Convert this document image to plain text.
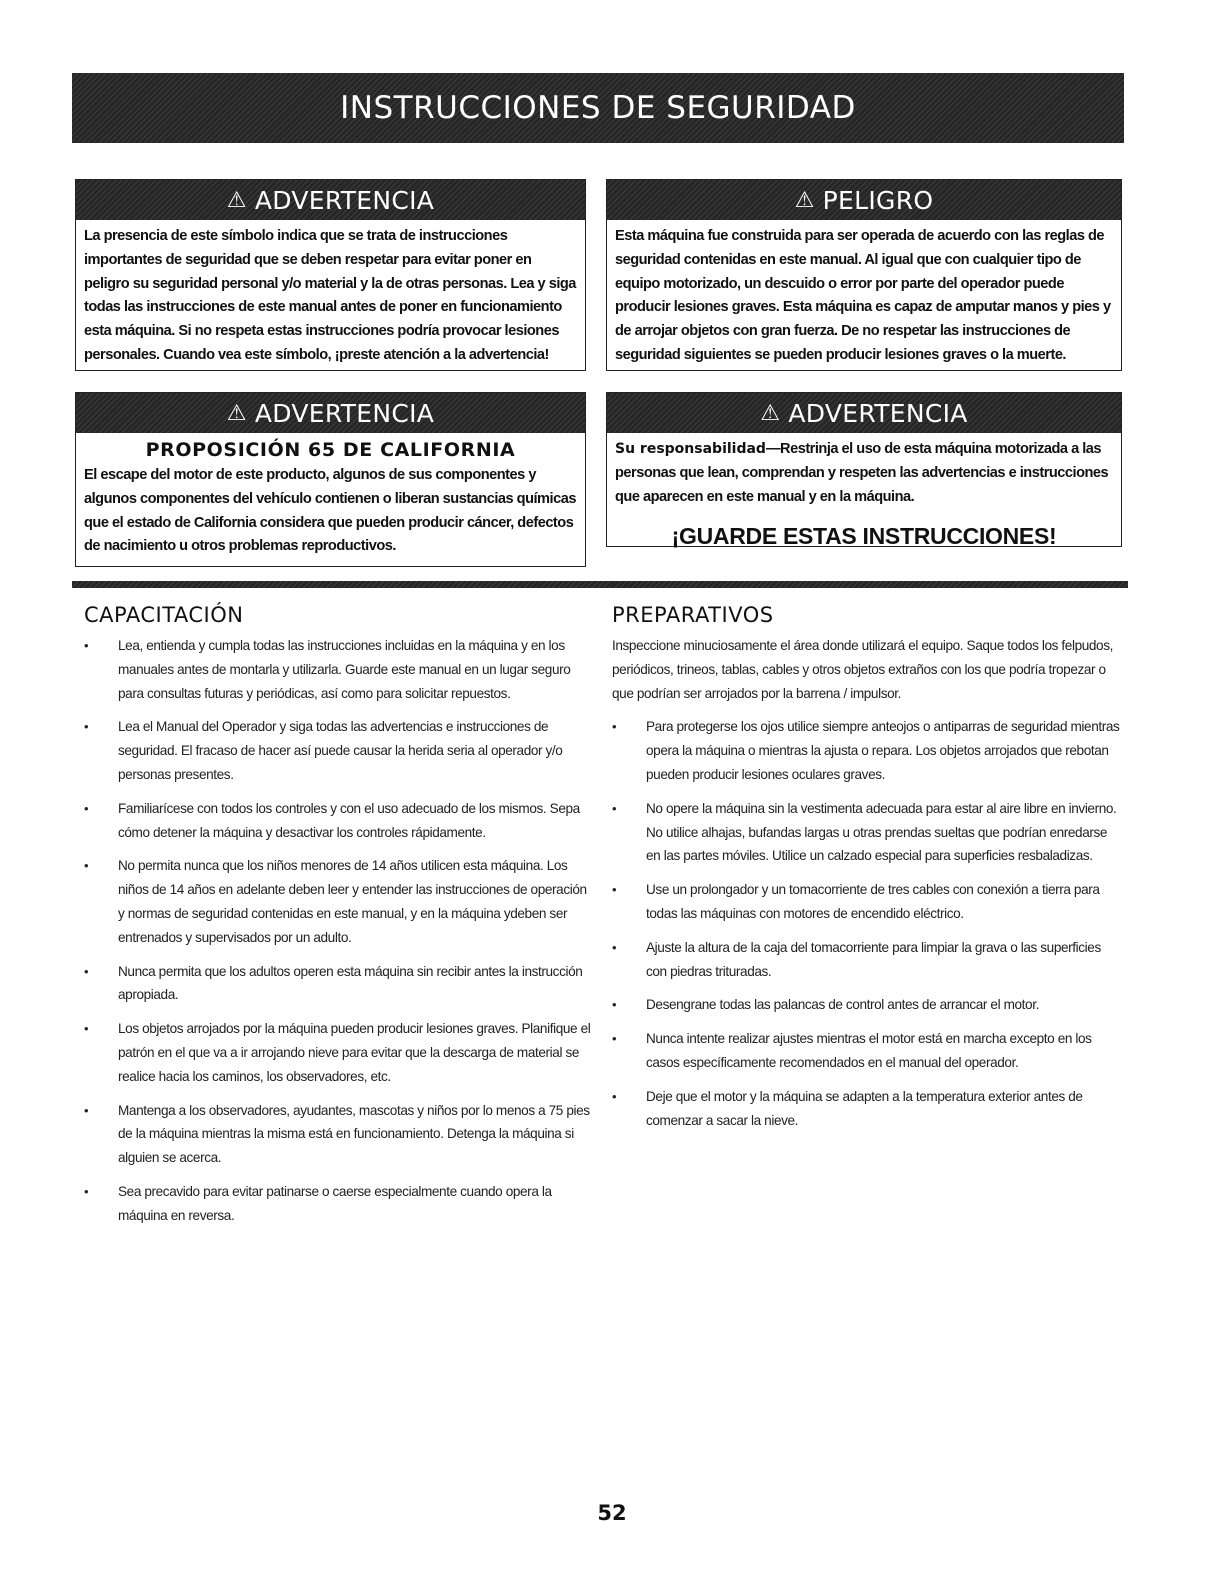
INSTRUCCIONES DE SEGURIDAD
⚠ ADVERTENCIA
La presencia de este símbolo indica que se trata de instrucciones importantes de seguridad que se deben respetar para evitar poner en peligro su seguridad personal y/o material y la de otras personas. Lea y siga todas las instrucciones de este manual antes de poner en funcionamiento esta máquina. Si no respeta estas instrucciones podría provocar lesiones personales. Cuando vea este símbolo, ¡preste atención a la advertencia!
⚠ PELIGRO
Esta máquina fue construida para ser operada de acuerdo con las reglas de seguridad contenidas en este manual. Al igual que con cualquier tipo de equipo motorizado, un descuido o error por parte del operador puede producir lesiones graves. Esta máquina es capaz de amputar manos y pies y de arrojar objetos con gran fuerza. De no respetar las instrucciones de seguridad siguientes se pueden producir lesiones graves o la muerte.
⚠ ADVERTENCIA
PROPOSICIÓN 65 DE CALIFORNIA
El escape del motor de este producto, algunos de sus componentes y algunos componentes del vehículo contienen o liberan sustancias químicas que el estado de California considera que pueden producir cáncer, defectos de nacimiento u otros problemas reproductivos.
⚠ ADVERTENCIA
Su responsabilidad—Restrinja el uso de esta máquina motorizada a las personas que lean, comprendan y respeten las advertencias e instrucciones que aparecen en este manual y en la máquina.
¡GUARDE ESTAS INSTRUCCIONES!
CAPACITACIÓN	PREPARATIVOS
• Lea, entienda y cumpla todas las instrucciones incluidas en la máquina y en los manuales antes de montarla y utilizarla. Guarde este manual en un lugar seguro para consultas futuras y periódicas, así como para solicitar repuestos.
• Lea el Manual del Operador y siga todas las advertencias e instrucciones de seguridad. El fracaso de hacer así puede causar la herida seria al operador y/o personas presentes.
• Familiarícese con todos los controles y con el uso adecuado de los mismos. Sepa cómo detener la máquina y desactivar los controles rápidamente.
• No permita nunca que los niños menores de 14 años utilicen esta máquina. Los niños de 14 años en adelante deben leer y entender las instrucciones de operación y normas de seguridad contenidas en este manual, y en la máquina ydeben ser entrenados y supervisados por un adulto.
• Nunca permita que los adultos operen esta máquina sin recibir antes la instrucción apropiada.
• Los objetos arrojados por la máquina pueden producir lesiones graves. Planifique el patrón en el que va a ir arrojando nieve para evitar que la descarga de material se realice hacia los caminos, los observadores, etc.
• Mantenga a los observadores, ayudantes, mascotas y niños por lo menos a 75 pies de la máquina mientras la misma está en funcionamiento. Detenga la máquina si alguien se acerca.
• Sea precavido para evitar patinarse o caerse especialmente cuando opera la máquina en reversa.
Inspeccione minuciosamente el área donde utilizará el equipo. Saque todos los felpudos, periódicos, trineos, tablas, cables y otros objetos extraños con los que podría tropezar o que podrían ser arrojados por la barrena / impulsor.
• Para protegerse los ojos utilice siempre anteojos o antiparras de seguridad mientras opera la máquina o mientras la ajusta o repara. Los objetos arrojados que rebotan pueden producir lesiones oculares graves.
• No opere la máquina sin la vestimenta adecuada para estar al aire libre en invierno. No utilice alhajas, bufandas largas u otras prendas sueltas que podrían enredarse en las partes móviles. Utilice un calzado especial para superficies resbaladizas.
• Use un prolongador y un tomacorriente de tres cables con conexión a tierra para todas las máquinas con motores de encendido eléctrico.
• Ajuste la altura de la caja del tomacorriente para limpiar la grava o las superficies con piedras trituradas.
• Desengrane todas las palancas de control antes de arrancar el motor.
• Nunca intente realizar ajustes mientras el motor está en marcha excepto en los casos específicamente recomendados en el manual del operador.
• Deje que el motor y la máquina se adapten a la temperatura exterior antes de comenzar a sacar la nieve.
52
